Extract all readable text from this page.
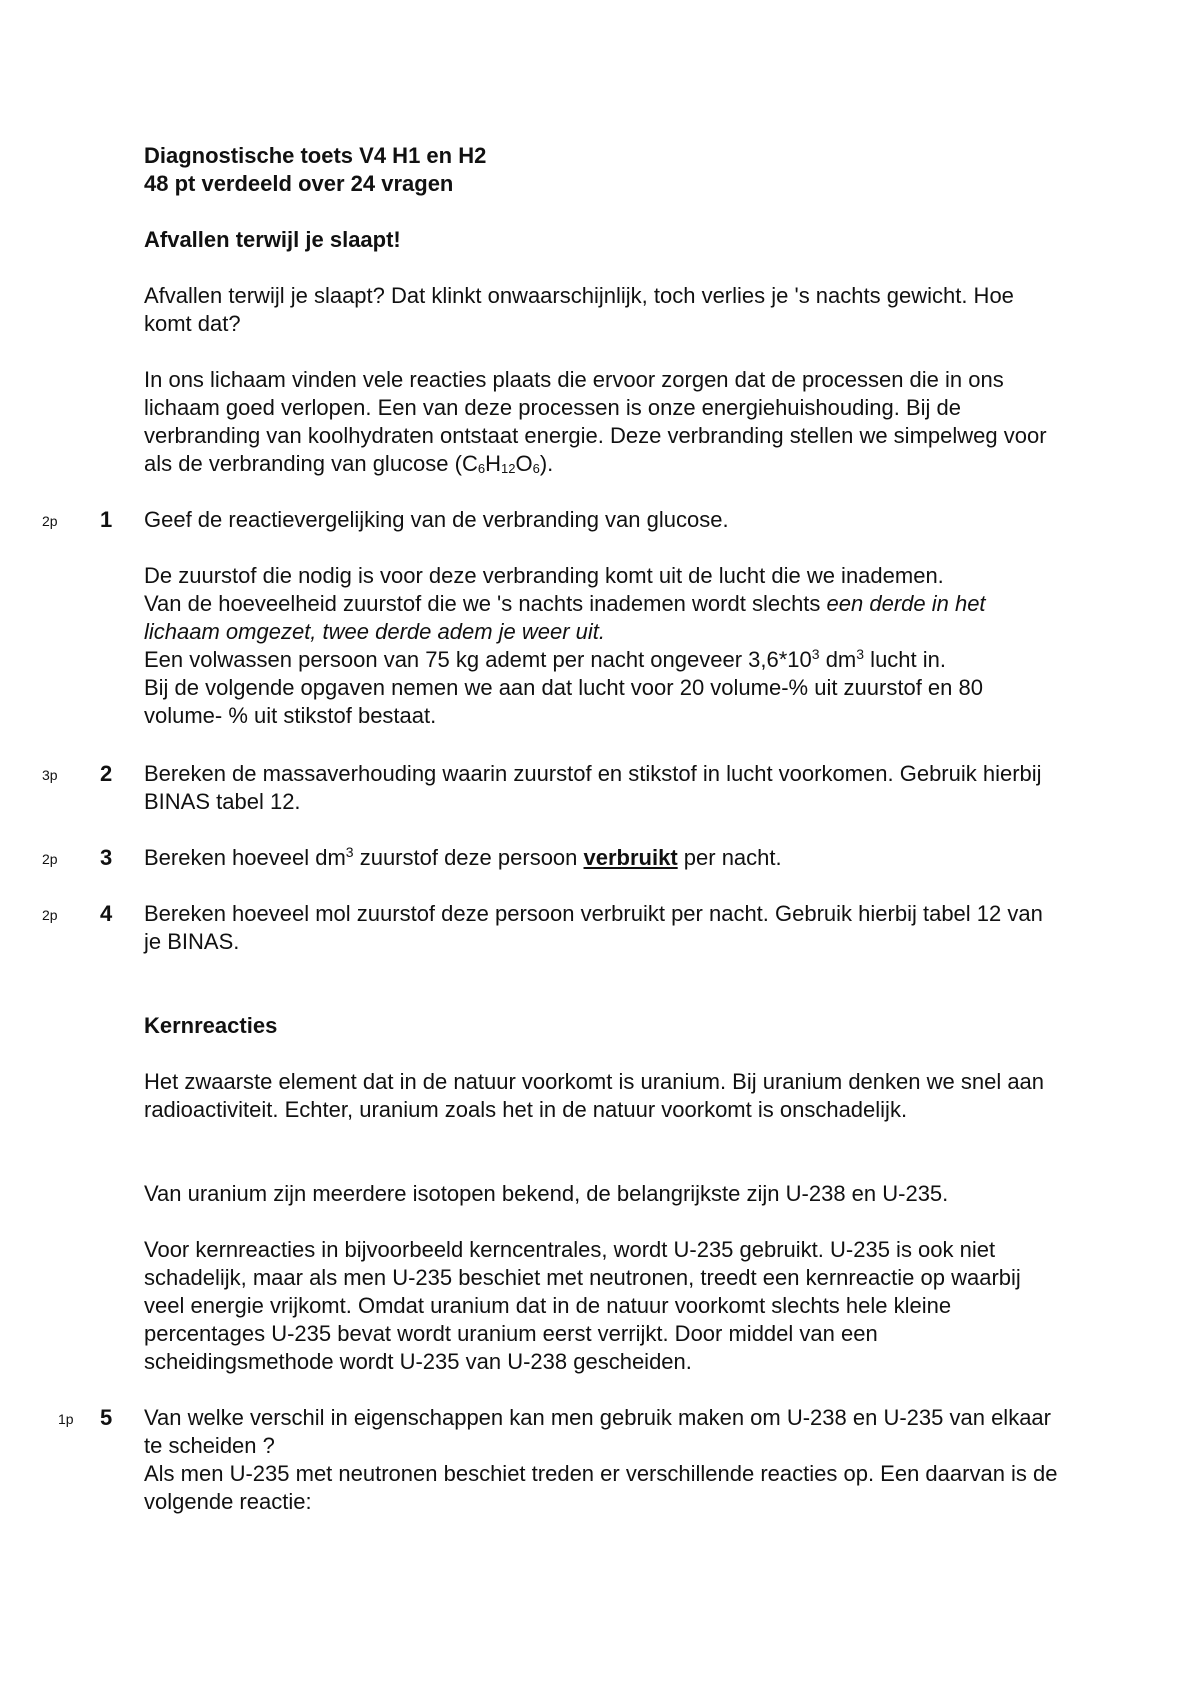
Diagnostische toets V4 H1 en H2

48 pt verdeeld over 24 vragen

Afvallen terwijl je slaapt!

Afvallen terwijl je slaapt? Dat klinkt onwaarschijnlijk, toch verlies je 's nachts gewicht. Hoe komt dat?

In ons lichaam vinden vele reacties plaats die ervoor zorgen dat de processen die in ons lichaam goed verlopen. Een van deze processen is onze energiehuishouding. Bij de verbranding van koolhydraten ontstaat energie. Deze verbranding stellen we simpelweg voor als de verbranding van glucose $(C_6H_{12}O_6)$.

2p 1 Geef de reactievergelijking van de verbranding van glucose.

De zuurstof die nodig is voor deze verbranding komt uit de lucht die we inademen.
Van de hoeveelheid zuurstof die we 's nachts inademen wordt slechts een derde in het lichaam omgezet, twee derde adem je weer uit.
Een volwassen persoon van 75 kg ademt per nacht ongeveer $3,6*10^3$ $dm^3$ lucht in.
Bij de volgende opgaven nemen we aan dat lucht voor 20 volume-% uit zuurstof en 80 volume- % uit stikstof bestaat.

3p 2 Bereken de massaverhouding waarin zuurstof en stikstof in lucht voorkomen. Gebruik hierbij BINAS tabel 12.

2p 3 Bereken hoeveel $dm^3$ zuurstof deze persoon verbruikt per nacht.

2p 4 Bereken hoeveel mol zuurstof deze persoon verbruikt per nacht. Gebruik hierbij tabel 12 van je BINAS.

Kernreacties

Het zwaarste element dat in de natuur voorkomt is uranium. Bij uranium denken we snel aan radioactiviteit. Echter, uranium zoals het in de natuur voorkomt is onschadelijk.

Van uranium zijn meerdere isotopen bekend, de belangrijkste zijn U-238 en U-235.

Voor kernreacties in bijvoorbeeld kerncentrales, wordt U-235 gebruikt. U-235 is ook niet schadelijk, maar als men U-235 beschiet met neutronen, treedt een kernreactie op waarbij veel energie vrijkomt. Omdat uranium dat in de natuur voorkomt slechts hele kleine percentages U-235 bevat wordt uranium eerst verrijkt. Door middel van een scheidingsmethode wordt U-235 van U-238 gescheiden.

1p 5 Van welke verschil in eigenschappen kan men gebruik maken om U-238 en U-235 van elkaar te scheiden ?

Als men U-235 met neutronen beschiet treden er verschillende reacties op. Een daarvan is de volgende reactie:
